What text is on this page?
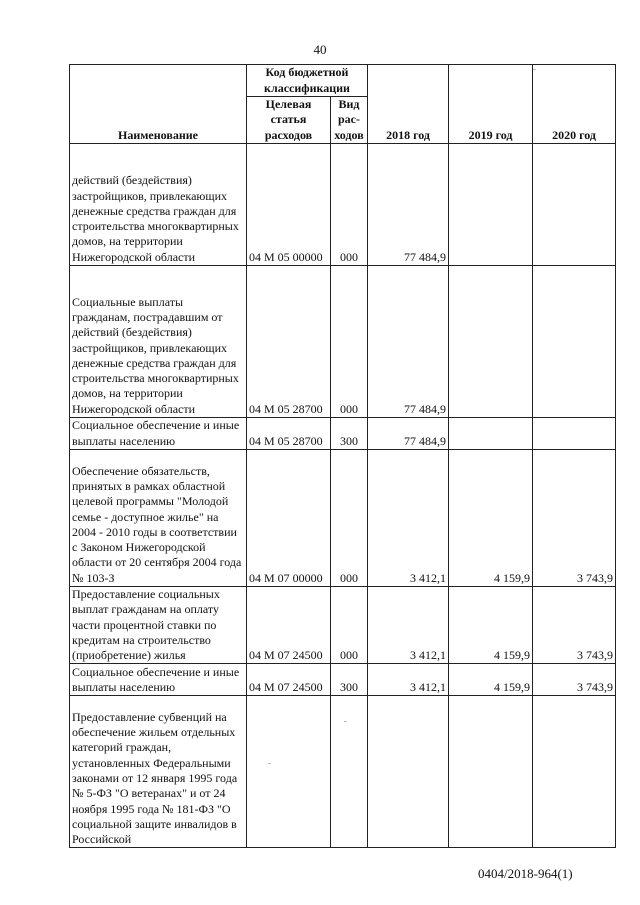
40
Наименование	Код бюджетной классификации		2018 год	2019 год	2020 год
	Целевая статья расходов	Вид рас-ходов			
действий (бездействия) застройщиков, привлекающих денежные средства граждан для строительства многоквартирных домов, на территории Нижегородской области	04 М 05 00000	000	77 484,9		
Социальные выплаты гражданам, пострадавшим от действий (бездействия) застройщиков, привлекающих денежные средства граждан для строительства многоквартирных домов, на территории Нижегородской области	04 М 05 28700	000	77 484,9		
Социальное обеспечение и иные выплаты населению	04 М 05 28700	300	77 484,9		
Обеспечение обязательств, принятых в рамках областной целевой программы "Молодой семье - доступное жилье" на 2004 - 2010 годы в соответствии с Законом Нижегородской области от 20 сентября 2004 года № 103-З	04 М 07 00000	000	3 412,1	4 159,9	3 743,9
Предоставление социальных выплат гражданам на оплату части процентной ставки по кредитам на строительство (приобретение) жилья	04 М 07 24500	000	3 412,1	4 159,9	3 743,9
Социальное обеспечение и иные выплаты населению	04 М 07 24500	300	3 412,1	4 159,9	3 743,9
Предоставление субвенций на обеспечение жильем отдельных категорий граждан, установленных Федеральными законами от 12 января 1995 года № 5-ФЗ "О ветеранах" и от 24 ноября 1995 года № 181-ФЗ "О социальной защите инвалидов в Российской					
0404/2018-964(1)
